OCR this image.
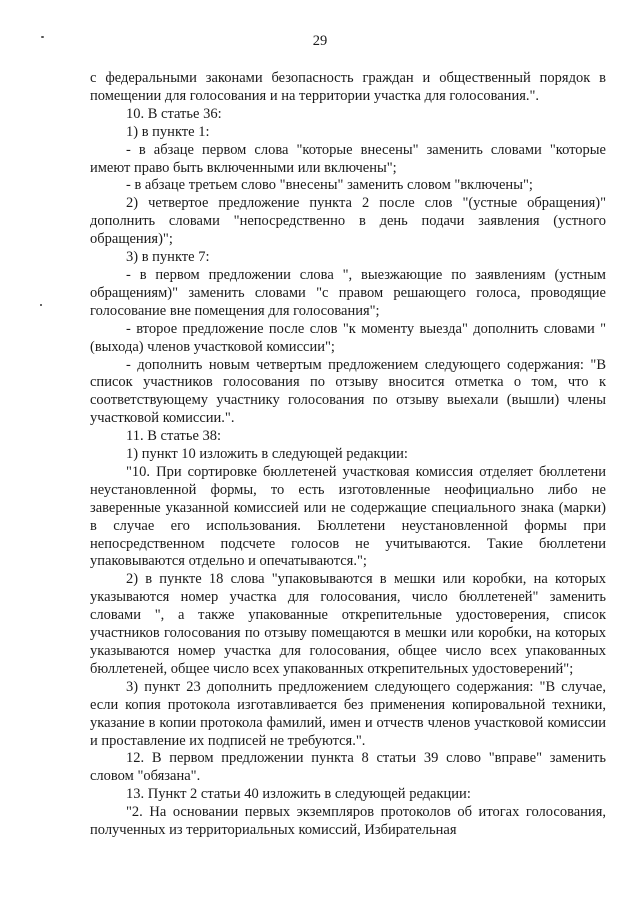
29

с федеральными законами безопасность граждан и общественный порядок в помещении для голосования и на территории участка для голосования.".

10. В статье 36:

1) в пункте 1:

- в абзаце первом слова "которые внесены" заменить словами "которые имеют право быть включенными или включены";

- в абзаце третьем слово "внесены" заменить словом "включены";

2) четвертое предложение пункта 2 после слов "(устные обращения)" дополнить словами "непосредственно в день подачи заявления (устного обращения)";

3) в пункте 7:

- в первом предложении слова ", выезжающие по заявлениям (устным обращениям)" заменить словами "с правом решающего голоса, проводящие голосование вне помещения для голосования";

- второе предложение после слов "к моменту выезда" дополнить словами "(выхода) членов участковой комиссии";

- дополнить новым четвертым предложением следующего содержания: "В список участников голосования по отзыву вносится отметка о том, что к соответствующему участнику голосования по отзыву выехали (вышли) члены участковой комиссии.".

11. В статье 38:

1) пункт 10 изложить в следующей редакции:

"10. При сортировке бюллетеней участковая комиссия отделяет бюллетени неустановленной формы, то есть изготовленные неофициально либо не заверенные указанной комиссией или не содержащие специального знака (марки) в случае его использования. Бюллетени неустановленной формы при непосредственном подсчете голосов не учитываются. Такие бюллетени упаковываются отдельно и опечатываются.";

2) в пункте 18 слова "упаковываются в мешки или коробки, на которых указываются номер участка для голосования, число бюллетеней" заменить словами ", а также упакованные открепительные удостоверения, список участников голосования по отзыву помещаются в мешки или коробки, на которых указываются номер участка для голосования, общее число всех упакованных бюллетеней, общее число всех упакованных открепительных удостоверений";

3) пункт 23 дополнить предложением следующего содержания: "В случае, если копия протокола изготавливается без применения копировальной техники, указание в копии протокола фамилий, имен и отчеств членов участковой комиссии и проставление их подписей не требуются.".

12. В первом предложении пункта 8 статьи 39 слово "вправе" заменить словом "обязана".

13. Пункт 2 статьи 40 изложить в следующей редакции:

"2. На основании первых экземпляров протоколов об итогах голосования, полученных из территориальных комиссий, Избирательная
